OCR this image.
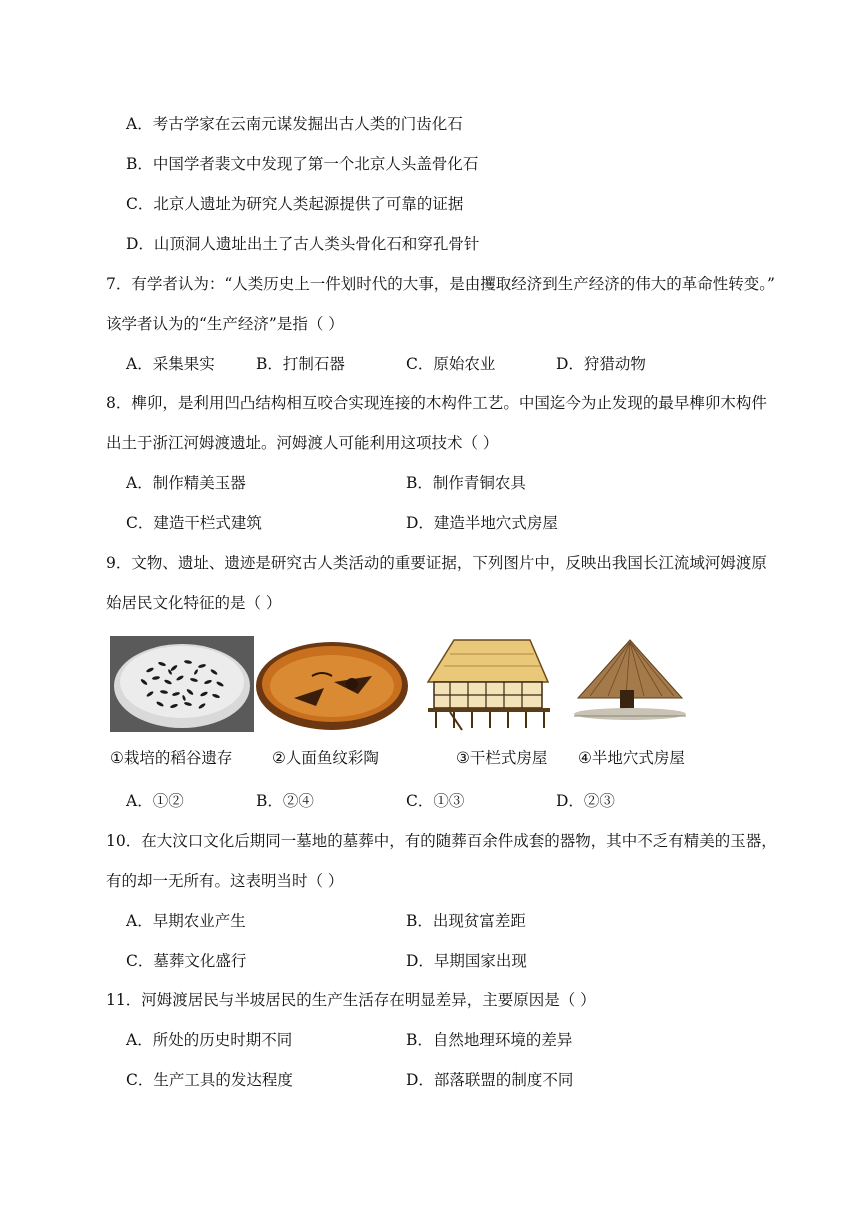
A．考古学家在云南元谋发掘出古人类的门齿化石
B．中国学者裴文中发现了第一个北京人头盖骨化石
C．北京人遗址为研究人类起源提供了可靠的证据
D．山顶洞人遗址出土了古人类头骨化石和穿孔骨针
7．有学者认为：“人类历史上一件划时代的大事，是由攫取经济到生产经济的伟大的革命性转变。”
该学者认为的“生产经济”是指（ ）
A．采集果实	B．打制石器	C．原始农业	D．狩猎动物
8．榫卯，是利用凹凸结构相互咬合实现连接的木构件工艺。中国迄今为止发现的最早榫卯木构件
出土于浙江河姆渡遗址。河姆渡人可能利用这项技术（ ）
A．制作精美玉器	B．制作青铜农具
C．建造干栏式建筑	D．建造半地穴式房屋
9．文物、遗址、遗迹是研究古人类活动的重要证据，下列图片中，反映出我国长江流域河姆渡原
始居民文化特征的是（ ）
①栽培的稻谷遗存	②人面鱼纹彩陶	③干栏式房屋 ④半地穴式房屋
A．①②	B．②④	C．①③	D．②③
10．在大汶口文化后期同一墓地的墓葬中，有的随葬百余件成套的器物，其中不乏有精美的玉器，
有的却一无所有。这表明当时（ ）
A．早期农业产生	B．出现贫富差距
C．墓葬文化盛行	D．早期国家出现
11．河姆渡居民与半坡居民的生产生活存在明显差异，主要原因是（ ）
A．所处的历史时期不同	B．自然地理环境的差异
C．生产工具的发达程度	D．部落联盟的制度不同
